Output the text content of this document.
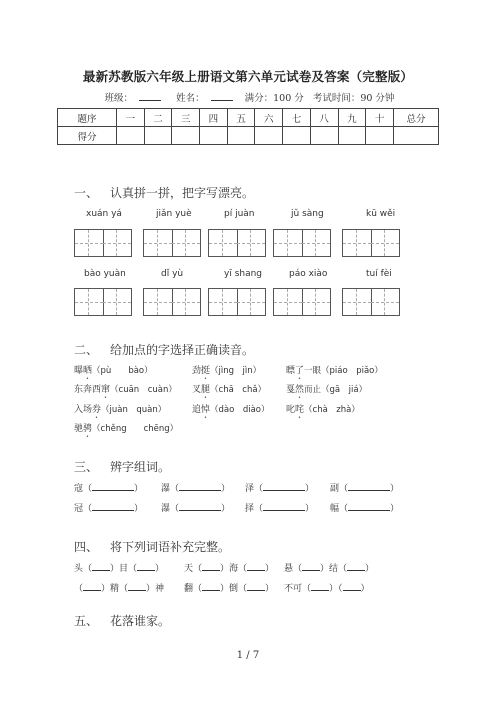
最新苏教版六年级上册语文第六单元试卷及答案（完整版）
班级：	姓名：	满分：100 分 考试时间：90 分钟
题序	一	二	三	四	五	六	七	八	九	十	总分
得分											
一、 认真拼一拼，把字写漂亮。
xuán yá	jiǎn yuè	pí juàn	jǔ sàng	kū wěi
bào yuàn	dǐ yù	yī shang	páo xiào	tuí fèi
二、 给加点的字选择正确读音。
曝晒（pù　　bào）	劲挺（jìng　jìn）	瞟了一眼（piáo　piǎo）
东奔西窜（cuān　cuàn） 叉腿（chā　chǎ） 戛然而止（gā　jiá）
入场券（juàn　quàn）	追悼（dào　diào） 叱咤（chà　zhà）
驰骋（chěng　　chēng）
三、 辨字组词。
寇（	） 瀑（	） 泽（	） 副（	）
冠（	） 瀑（	） 择（	） 幅（	）
四、 将下列词语补充完整。
头（ ）目（ ） 天（ ）海（ ） 悬（ ）结（ ）
（ ）精（ ）神 翻（ ）倒（ ） 不可（ ）（ ）
五、 花落谁家。
1 / 7
